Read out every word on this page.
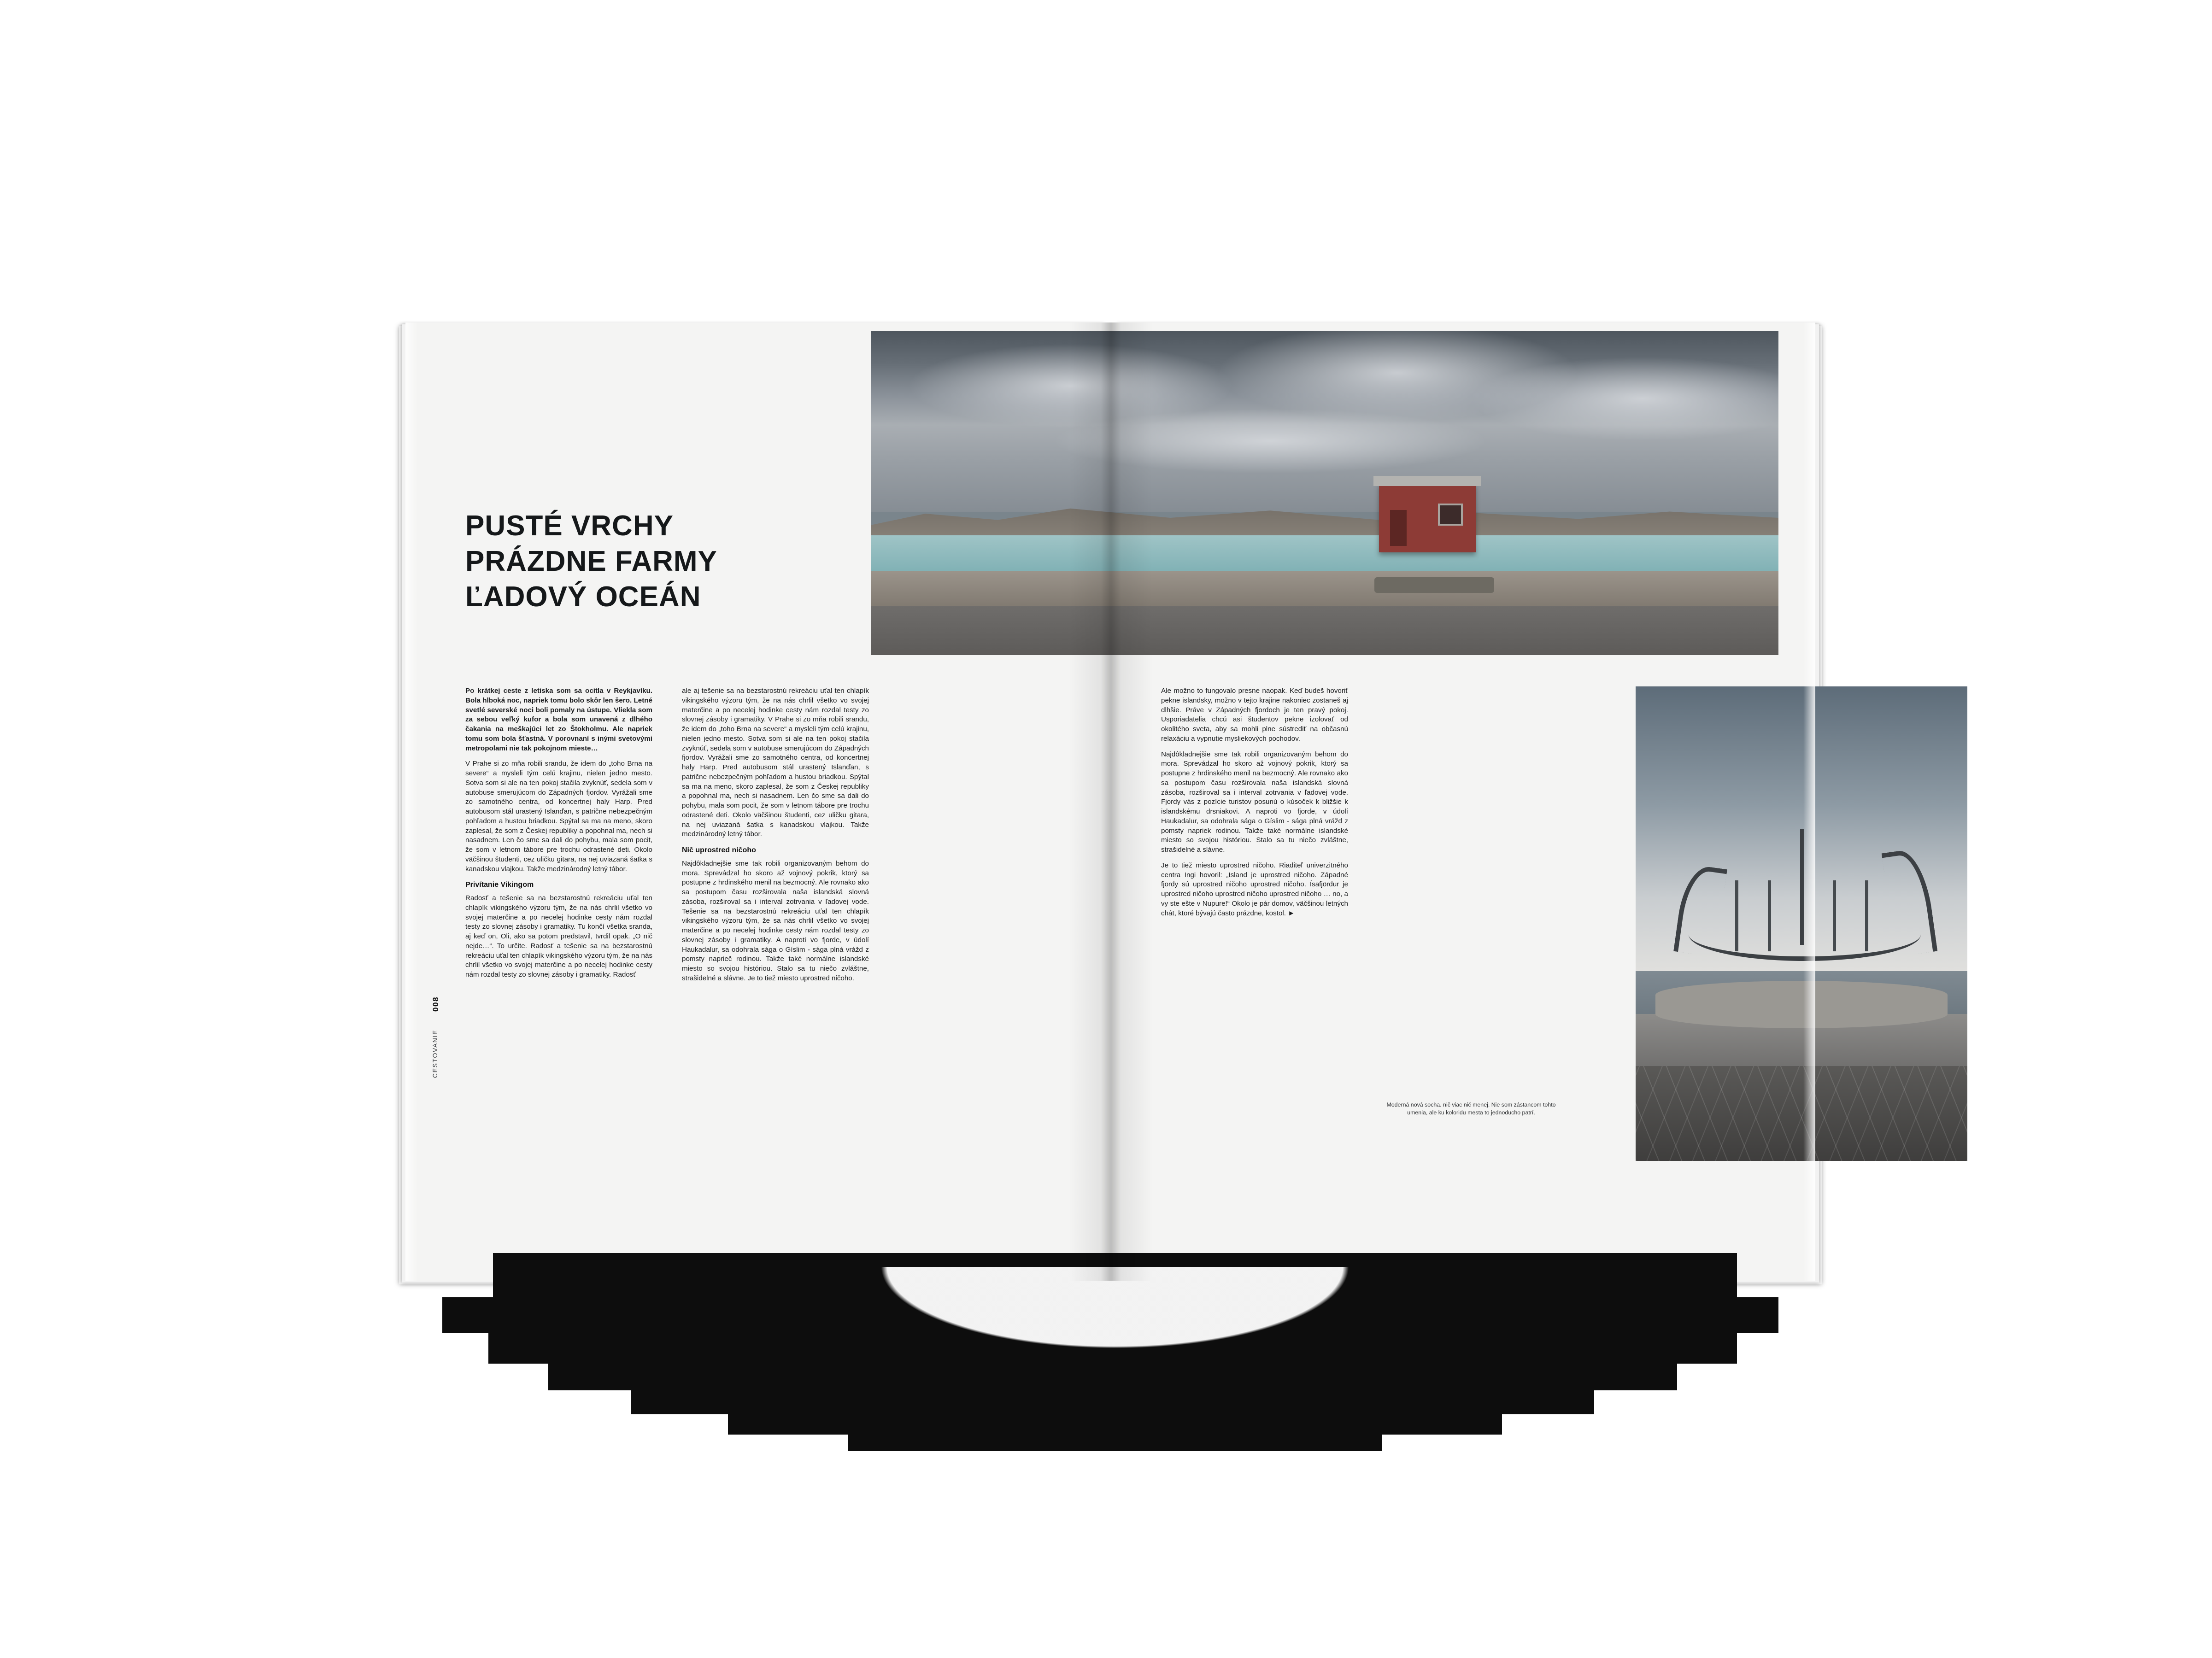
PUSTÉ VRCHY
PRÁZDNE FARMY
ĽADOVÝ OCEÁN

Po krátkej ceste z letiska som sa ocitla v Reykjavíku. Bola hlboká noc, napriek tomu bolo skôr len šero. Letné svetlé severské noci boli pomaly na ústupe. Vliekla som za sebou veľký kufor a bola som unavená z dlhého čakania na meškajúci let zo Štokholmu. Ale napriek tomu som bola šťastná. V porovnaní s inými svetovými metropolami nie tak pokojnom mieste…

V Prahe si zo mňa robili srandu, že idem do „toho Brna na severe“ a mysleli tým celú krajinu, nielen jedno mesto. Sotva som si ale na ten pokoj stačila zvyknúť, sedela som v autobuse smerujúcom do Západných fjordov. Vyrážali sme zo samotného centra, od koncertnej haly Harp. Pred autobusom stál urastený Islanďan, s patrične nebezpečným pohľadom a hustou briadkou. Spýtal sa ma na meno, skoro zaplesal, že som z Českej republiky a popohnal ma, nech si nasadnem. Len čo sme sa dali do pohybu, mala som pocit, že som v letnom tábore pre trochu odrastené deti. Okolo väčšinou študenti, cez uličku gitara, na nej uviazaná šatka s kanadskou vlajkou. Takže medzinárodný letný tábor.

Privítanie Vikingom

Radosť a tešenie sa na bezstarostnú rekreáciu uťal ten chlapík vikingského výzoru tým, že na nás chrlil všetko vo svojej materčine a po necelej hodinke cesty nám rozdal testy zo slovnej zásoby i gramatiky. Tu končí všetka sranda, aj keď on, Oli, ako sa potom predstavil, tvrdil opak. „O nič nejde…“. To určite. Radosť a tešenie sa na bezstarostnú rekreáciu uťal ten chlapík vikingského výzoru tým, že na nás chrlil všetko vo svojej materčine a po necelej hodinke cesty nám rozdal testy zo slovnej zásoby i gramatiky. Radosť

ale aj tešenie sa na bezstarostnú rekreáciu uťal ten chlapík vikingského výzoru tým, že na nás chrlil všetko vo svojej materčine a po necelej hodinke cesty nám rozdal testy zo slovnej zásoby i gramatiky. V Prahe si zo mňa robili srandu, že idem do „toho Brna na severe“ a mysleli tým celú krajinu, nielen jedno mesto. Sotva som si ale na ten pokoj stačila zvyknúť, sedela som v autobuse smerujúcom do Západných fjordov. Vyrážali sme zo samotného centra, od koncertnej haly Harp. Pred autobusom stál urastený Islanďan, s patrične nebezpečným pohľadom a hustou briadkou. Spýtal sa ma na meno, skoro zaplesal, že som z Českej republiky a popohnal ma, nech si nasadnem. Len čo sme sa dali do pohybu, mala som pocit, že som v letnom tábore pre trochu odrastené deti. Okolo väčšinou študenti, cez uličku gitara, na nej uviazaná šatka s kanadskou vlajkou. Takže medzinárodný letný tábor.

Nič uprostred ničoho

Najdôkladnejšie sme tak robili organizovaným behom do mora. Sprevádzal ho skoro až vojnový pokrik, ktorý sa postupne z hrdinského menil na bezmocný. Ale rovnako ako sa postupom času rozširovala naša islandská slovná zásoba, rozširoval sa i interval zotrvania v ľadovej vode. Tešenie sa na bezstarostnú rekreáciu uťal ten chlapík vikingského výzoru tým, že sa nás chrlil všetko vo svojej materčine a po necelej hodinke cesty nám rozdal testy zo slovnej zásoby i gramatiky. A naproti vo fjorde, v údolí Haukadalur, sa odohrala sága o Gíslim - sága plná vrážd z pomsty naprieč rodinou. Takže také normálne islandské miesto so svojou históriou. Stalo sa tu niečo zvláštne, strašidelné a slávne. Je to tiež miesto uprostred ničoho.

CESTOVANIE
008

Ale možno to fungovalo presne naopak. Keď budeš hovoriť pekne islandsky, možno v tejto krajine nakoniec zostaneš aj dlhšie. Práve v Západných fjordoch je ten pravý pokoj. Usporiadatelia chcú asi študentov pekne izolovať od okolitého sveta, aby sa mohli plne sústrediť na občasnú relaxáciu a vypnutie mysliekových pochodov.

Najdôkladnejšie sme tak robili organizovaným behom do mora. Sprevádzal ho skoro až vojnový pokrik, ktorý sa postupne z hrdinského menil na bezmocný. Ale rovnako ako sa postupom času rozširovala naša islandská slovná zásoba, rozširoval sa i interval zotrvania v ľadovej vode. Fjordy vás z pozície turistov posunú o kúsoček k bližšie k islandskému drsniakovi. A naproti vo fjorde, v údolí Haukadalur, sa odohrala sága o Gíslim - sága plná vrážd z pomsty napriek rodinou. Takže také normálne islandské miesto so svojou históriou. Stalo sa tu niečo zvláštne, strašidelné a slávne.

Je to tiež miesto uprostred ničoho. Riaditeľ univerzitného centra Ingi hovoril: „Island je uprostred ničoho. Západné fjordy sú uprostred ničoho uprostred ničoho. Ísafjördur je uprostred ničoho uprostred ničoho uprostred ničoho … no, a vy ste ešte v Nupure!“ Okolo je pár domov, väčšinou letných chát, ktoré bývajú často prázdne, kostol. ►

Moderná nová socha. nič viac nič menej. Nie som zástancom tohto umenia, ale ku koloridu mesta to jednoducho patrí.
